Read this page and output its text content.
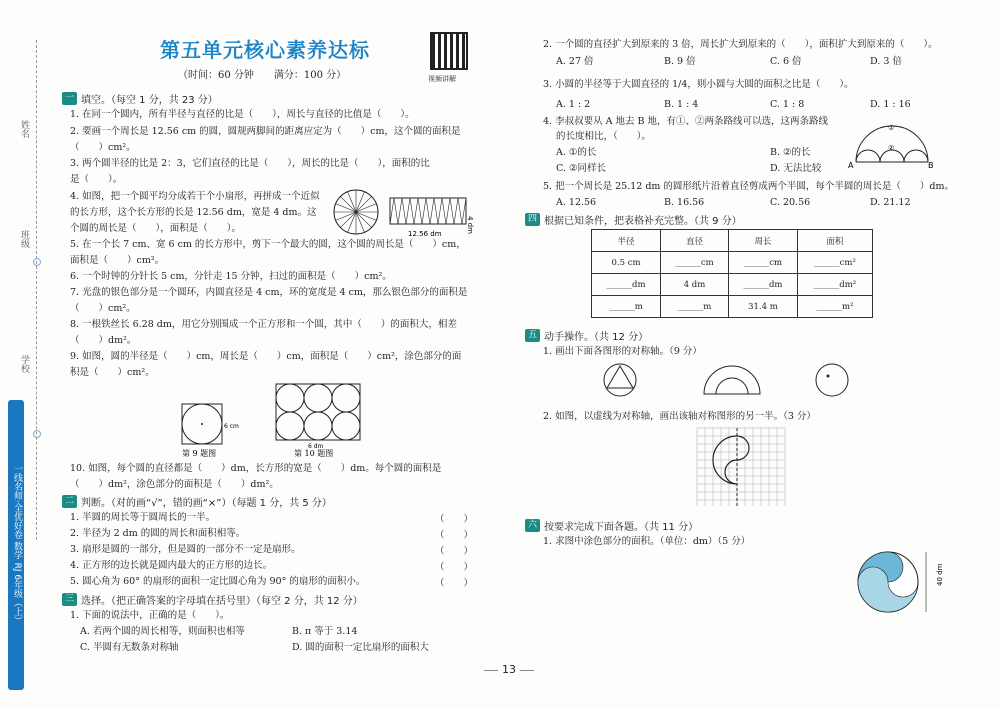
姓名
班级
学校
一线名师·全优好卷 数学 RJ 6年级（上）
第五单元核心素养达标
（时间：60 分钟　　满分：100 分）	视频讲解
一 填空。（每空 1 分，共 23 分）
1. 在同一个圆内，所有半径与直径的比是（　　），周长与直径的比值是（　　）。
2. 要画一个周长是 12.56 cm 的圆，圆规两脚间的距离应定为（　　）cm，这个圆的面积是
（　　）cm²。
3. 两个圆半径的比是 2：3，它们直径的比是（　　），周长的比是（　　），面积的比
是（　　）。
4. 如图，把一个圆平均分成若干个小扇形，再拼成一个近似
的长方形，这个长方形的长是 12.56 dm，宽是 4 dm。这
个圆的周长是（　　），面积是（　　）。	12.56 dm
4 dm
5. 在一个长 7 cm、宽 6 cm 的长方形中，剪下一个最大的圆，这个圆的周长是（　　）cm，
面积是（　　）cm²。
6. 一个时钟的分针长 5 cm，分针走 15 分钟，扫过的面积是（　　）cm²。
7. 光盘的银色部分是一个圆环，内圆直径是 4 cm，环的宽度是 4 cm，那么银色部分的面积是
（　　）cm²。
8. 一根铁丝长 6.28 dm，用它分别围成一个正方形和一个圆，其中（　　）的面积大，相差
（　　）dm²。
9. 如图，圆的半径是（　　）cm，周长是（　　）cm，面积是（　　）cm²，涂色部分的面
积是（　　）cm²。
6 cm
第 9 题图
6 dm
第 10 题图
10. 如图，每个圆的直径都是（　　）dm，长方形的宽是（　　）dm。每个圆的面积是
（　　）dm²，涂色部分的面积是（　　）dm²。
二 判断。（对的画“√”，错的画“×”）（每题 1 分，共 5 分）
1. 半圆的周长等于圆周长的一半。
2. 半径为 2 dm 的圆的周长和面积相等。
3. 扇形是圆的一部分，但是圆的一部分不一定是扇形。
4. 正方形的边长就是圆内最大的正方形的边长。
5. 圆心角为 60° 的扇形的面积一定比圆心角为 90° 的扇形的面积小。
（　　）
（　　）
（　　）
（　　）
（　　）
三 选择。（把正确答案的字母填在括号里）（每空 2 分，共 12 分）
1. 下面的说法中，正确的是（　　）。
A. 若两个圆的周长相等，则面积也相等	B. π 等于 3.14
C. 半圆有无数条对称轴	D. 圆的面积一定比扇形的面积大
2. 一个圆的直径扩大到原来的 3 倍，周长扩大到原来的（　　），面积扩大到原来的（　　）。
A. 27 倍	B. 9 倍	C. 6 倍	D. 3 倍
3. 小圆的半径等于大圆直径的 1/4，则小圆与大圆的面积之比是（　　）。
A. 1 : 2	B. 1 : 4	C. 1 : 8	D. 1 : 16
4. 李叔叔要从 A 地去 B 地，有①、②两条路线可以选，这两条路线
的长度相比，（　　）。
A. ①的长	B. ②的长
C. ②同样长	D. 无法比较	A	B
①
②
5. 把一个周长是 25.12 dm 的圆形纸片沿着直径剪成两个半圆，每个半圆的周长是（　　）dm。
A. 12.56	B. 16.56	C. 20.56	D. 21.12
四 根据已知条件，把表格补充完整。（共 9 分）
半径	直径	周长	面积
0.5 cm	______cm	______cm	______cm²
______dm	4 dm	______dm	______dm²
______m	______m	31.4 m	______m²
五 动手操作。（共 12 分）
1. 画出下面各图形的对称轴。（9 分）
2. 如图，以虚线为对称轴，画出该轴对称图形的另一半。（3 分）
六 按要求完成下面各题。（共 11 分）
1. 求图中涂色部分的面积。（单位：dm）（5 分）
40 dm
13
